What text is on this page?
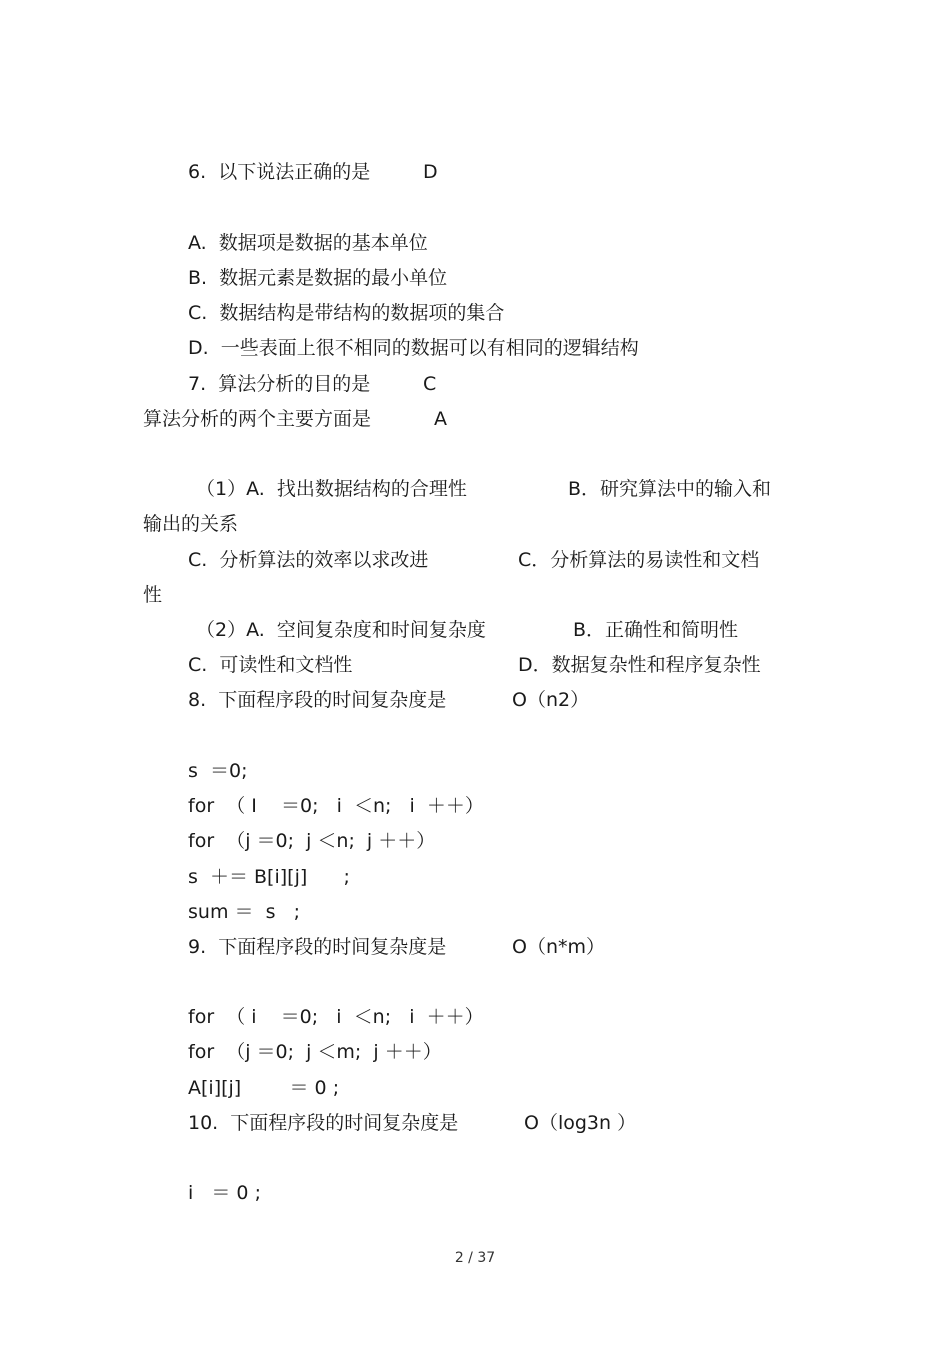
6.  以下说法正确的是	D
A.  数据项是数据的基本单位
B.  数据元素是数据的最小单位
C.  数据结构是带结构的数据项的集合
D.  一些表面上很不相同的数据可以有相同的逻辑结构
7.  算法分析的目的是	C
算法分析的两个主要方面是	A
（1）A.  找出数据结构的合理性	B．研究算法中的输入和
输出的关系
C.  分析算法的效率以求改进	C．分析算法的易读性和文档
性
（2）A.  空间复杂度和时间复杂度	B．正确性和简明性
C.  可读性和文档性	D．数据复杂性和程序复杂性
8.  下面程序段的时间复杂度是	O（n2）
s  ＝0;
for  （ I    ＝0;   i  ＜n;   i  ＋＋）
for  （j ＝0;  j ＜n;  j ＋＋）
s  ＋＝ B[i][j]      ;
sum ＝  s   ;
9.  下面程序段的时间复杂度是	O（n*m）
for  （ i    ＝0;   i  ＜n;   i  ＋＋）
for  （j ＝0;  j ＜m;  j ＋＋）
A[i][j]        ＝ 0 ;
10.  下面程序段的时间复杂度是	O（log3n ）
i   ＝ 0 ;
2 / 37
